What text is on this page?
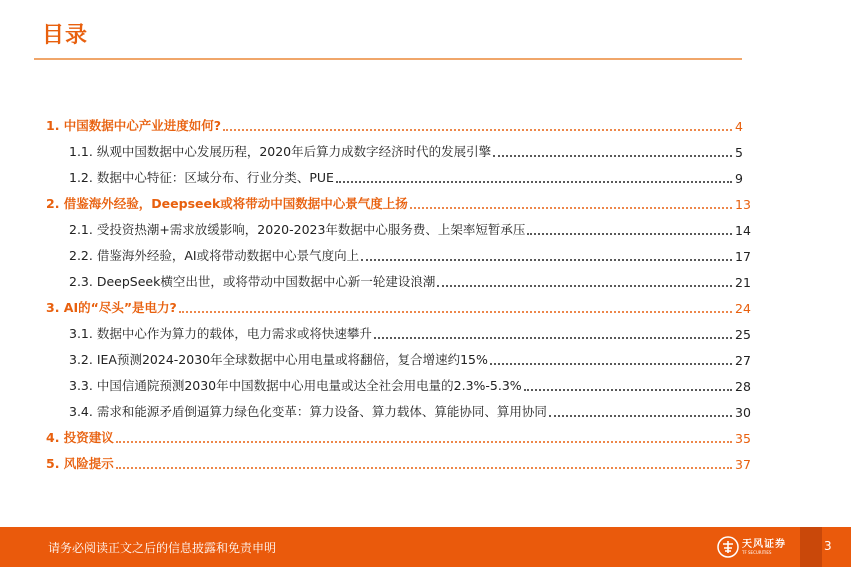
目录
1. 中国数据中心产业进度如何?	4
1.1. 纵观中国数据中心发展历程，2020年后算力成数字经济时代的发展引擎	5
1.2. 数据中心特征：区域分布、行业分类、PUE	9
2. 借鉴海外经验，Deepseek或将带动中国数据中心景气度上扬	13
2.1. 受投资热潮+需求放缓影响，2020-2023年数据中心服务费、上架率短暂承压	14
2.2. 借鉴海外经验，AI或将带动数据中心景气度向上	17
2.3. DeepSeek横空出世，或将带动中国数据中心新一轮建设浪潮	21
3. AI的“尽头”是电力?	24
3.1. 数据中心作为算力的载体，电力需求或将快速攀升	25
3.2. IEA预测2024-2030年全球数据中心用电量或将翻倍，复合增速约15%	27
3.3. 中国信通院预测2030年中国数据中心用电量或达全社会用电量的2.3%-5.3%	28
3.4. 需求和能源矛盾倒逼算力绿色化变革：算力设备、算力载体、算能协同、算用协同	30
4. 投资建议	35
5. 风险提示	37
请务必阅读正文之后的信息披露和免责申明	天风证券
TF SECURITIES	3
